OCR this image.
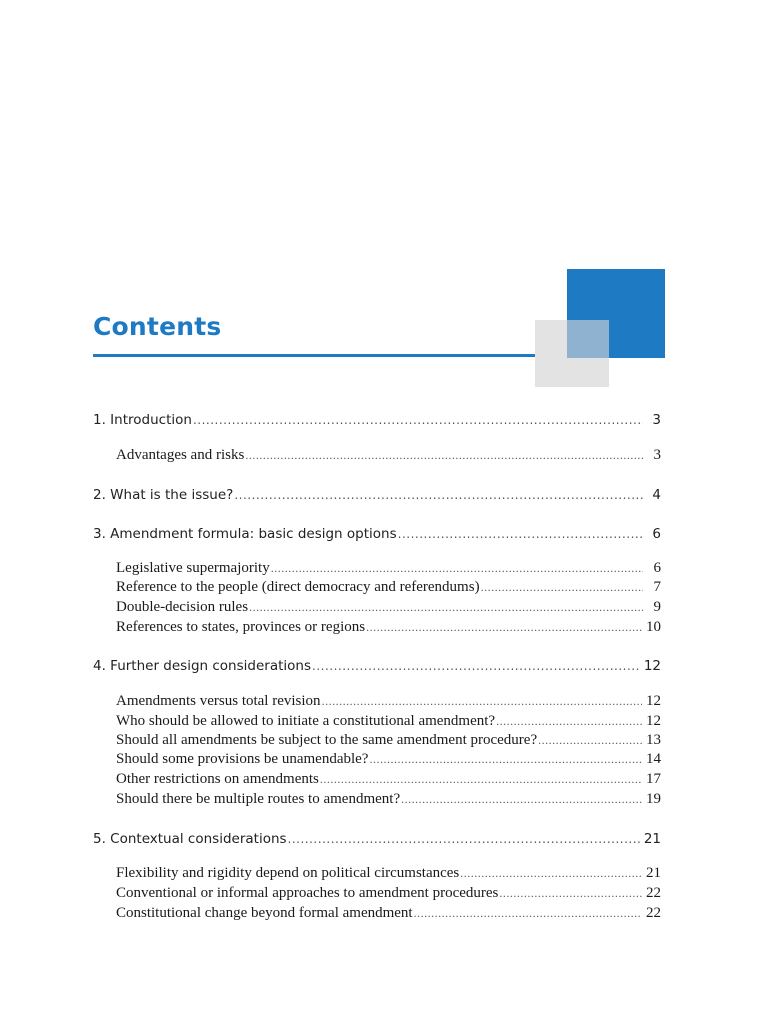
Contents
1. Introduction .....	3
Advantages and risks .....	3
2. What is the issue? .....	4
3. Amendment formula: basic design options .....	6
Legislative supermajority .....	6
Reference to the people (direct democracy and referendums) .....	7
Double-decision rules .....	9
References to states, provinces or regions .....	10
4. Further design considerations .....	12
Amendments versus total revision .....	12
Who should be allowed to initiate a constitutional amendment? .....	12
Should all amendments be subject to the same amendment procedure? .....	13
Should some provisions be unamendable? .....	14
Other restrictions on amendments .....	17
Should there be multiple routes to amendment? .....	19
5. Contextual considerations .....	21
Flexibility and rigidity depend on political circumstances .....	21
Conventional or informal approaches to amendment procedures .....	22
Constitutional change beyond formal amendment .....	22
